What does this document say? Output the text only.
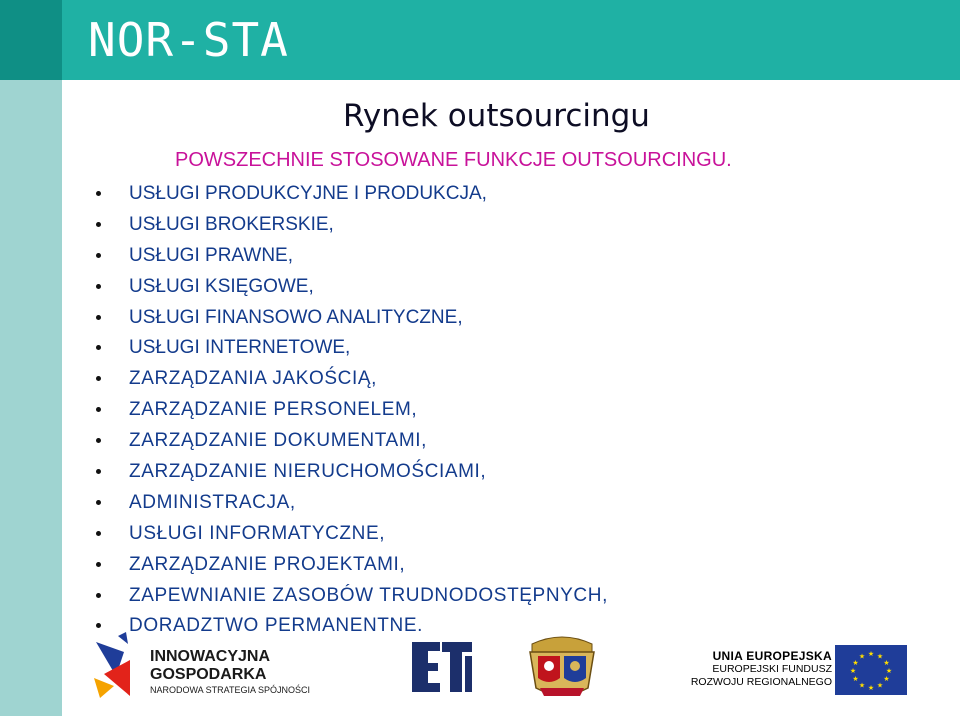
NOR-STA
Rynek outsourcingu
POWSZECHNIE STOSOWANE FUNKCJE OUTSOURCINGU.
USŁUGI PRODUKCYJNE I PRODUKCJA,
USŁUGI BROKERSKIE,
USŁUGI PRAWNE,
USŁUGI KSIĘGOWE,
USŁUGI FINANSOWO ANALITYCZNE,
USŁUGI INTERNETOWE,
ZARZĄDZANIA JAKOŚCIĄ,
ZARZĄDZANIE PERSONELEM,
ZARZĄDZANIE DOKUMENTAMI,
ZARZĄDZANIE NIERUCHOMOŚCIAMI,
ADMINISTRACJA,
USŁUGI INFORMATYCZNE,
ZARZĄDZANIE PROJEKTAMI,
ZAPEWNIANIE ZASOBÓW TRUDNODOSTĘPNYCH,
DORADZTWO PERMANENTNE.
INNOWACYJNA
GOSPODARKA
NARODOWA STRATEGIA SPÓJNOŚCI
UNIA EUROPEJSKA
EUROPEJSKI FUNDUSZ
ROZWOJU REGIONALNEGO
★ ★
★
★
★
★
★
★
★
★
★
★
